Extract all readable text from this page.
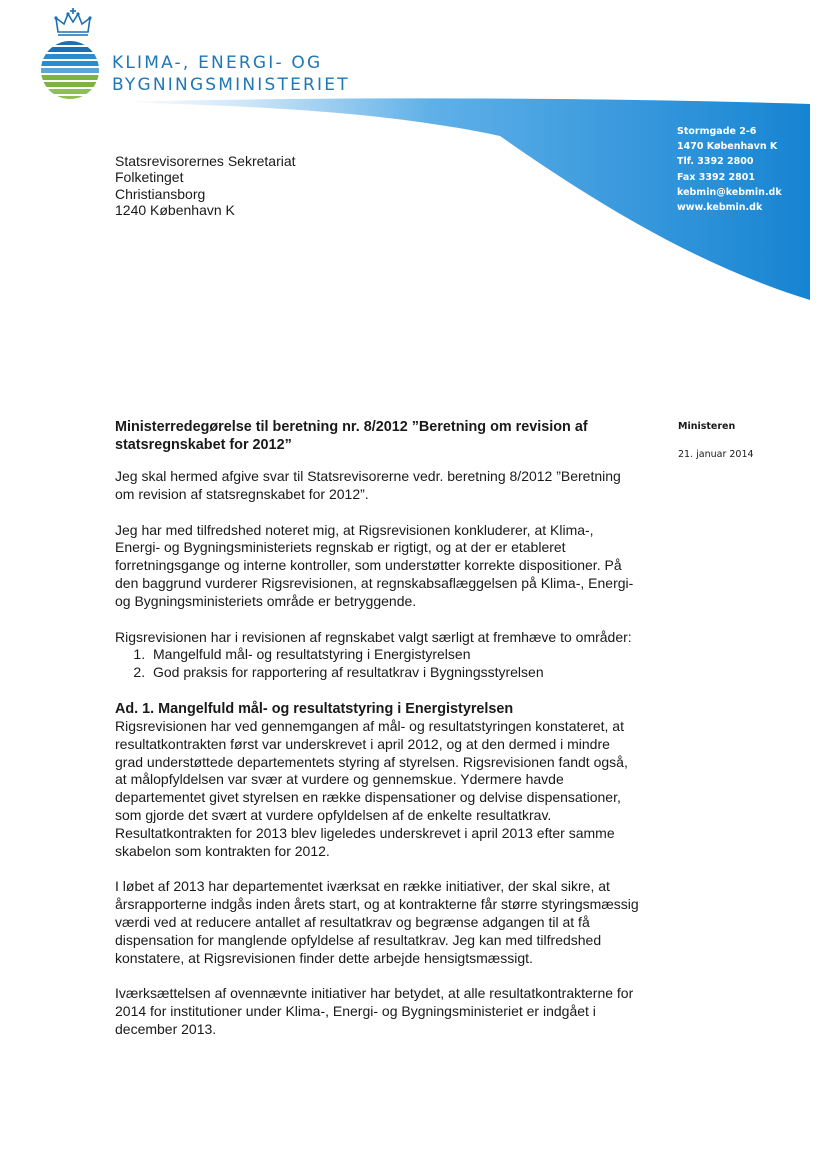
KLIMA-, ENERGI- OG
BYGNINGSMINISTERIET
Stormgade 2-6
1470 København K
Tlf. 3392 2800
Fax 3392 2801
kebmin@kebmin.dk
www.kebmin.dk
Statsrevisorernes Sekretariat
Folketinget
Christiansborg
1240 København K
Ministeren
21. januar 2014
Ministerredegørelse til beretning nr. 8/2012 ”Beretning om revision af statsregnskabet for 2012”

Jeg skal hermed afgive svar til Statsrevisorerne vedr. beretning 8/2012 ”Beretning om revision af statsregnskabet for 2012”.

Jeg har med tilfredshed noteret mig, at Rigsrevisionen konkluderer, at Klima-, Energi- og Bygningsministeriets regnskab er rigtigt, og at der er etableret forretningsgange og interne kontroller, som understøtter korrekte dispositioner. På den baggrund vurderer Rigsrevisionen, at regnskabsaflæggelsen på Klima-, Energi- og Bygningsministeriets område er betryggende.

Rigsrevisionen har i revisionen af regnskabet valgt særligt at fremhæve to områder:

1. Mangelfuld mål- og resultatstyring i Energistyrelsen
2. God praksis for rapportering af resultatkrav i Bygningsstyrelsen
Ad. 1. Mangelfuld mål- og resultatstyring i Energistyrelsen

Rigsrevisionen har ved gennemgangen af mål- og resultatstyringen konstateret, at resultatkontrakten først var underskrevet i april 2012, og at den dermed i mindre grad understøttede departementets styring af styrelsen. Rigsrevisionen fandt også, at målopfyldelsen var svær at vurdere og gennemskue. Ydermere havde departementet givet styrelsen en række dispensationer og delvise dispensationer, som gjorde det svært at vurdere opfyldelsen af de enkelte resultatkrav. Resultatkontrakten for 2013 blev ligeledes underskrevet i april 2013 efter samme skabelon som kontrakten for 2012.

I løbet af 2013 har departementet iværksat en række initiativer, der skal sikre, at årsrapporterne indgås inden årets start, og at kontrakterne får større styringsmæssig værdi ved at reducere antallet af resultatkrav og begrænse adgangen til at få dispensation for manglende opfyldelse af resultatkrav. Jeg kan med tilfredshed konstatere, at Rigsrevisionen finder dette arbejde hensigtsmæssigt.

Iværksættelsen af ovennævnte initiativer har betydet, at alle resultatkontrakterne for 2014 for institutioner under Klima-, Energi- og Bygningsministeriet er indgået i december 2013.
